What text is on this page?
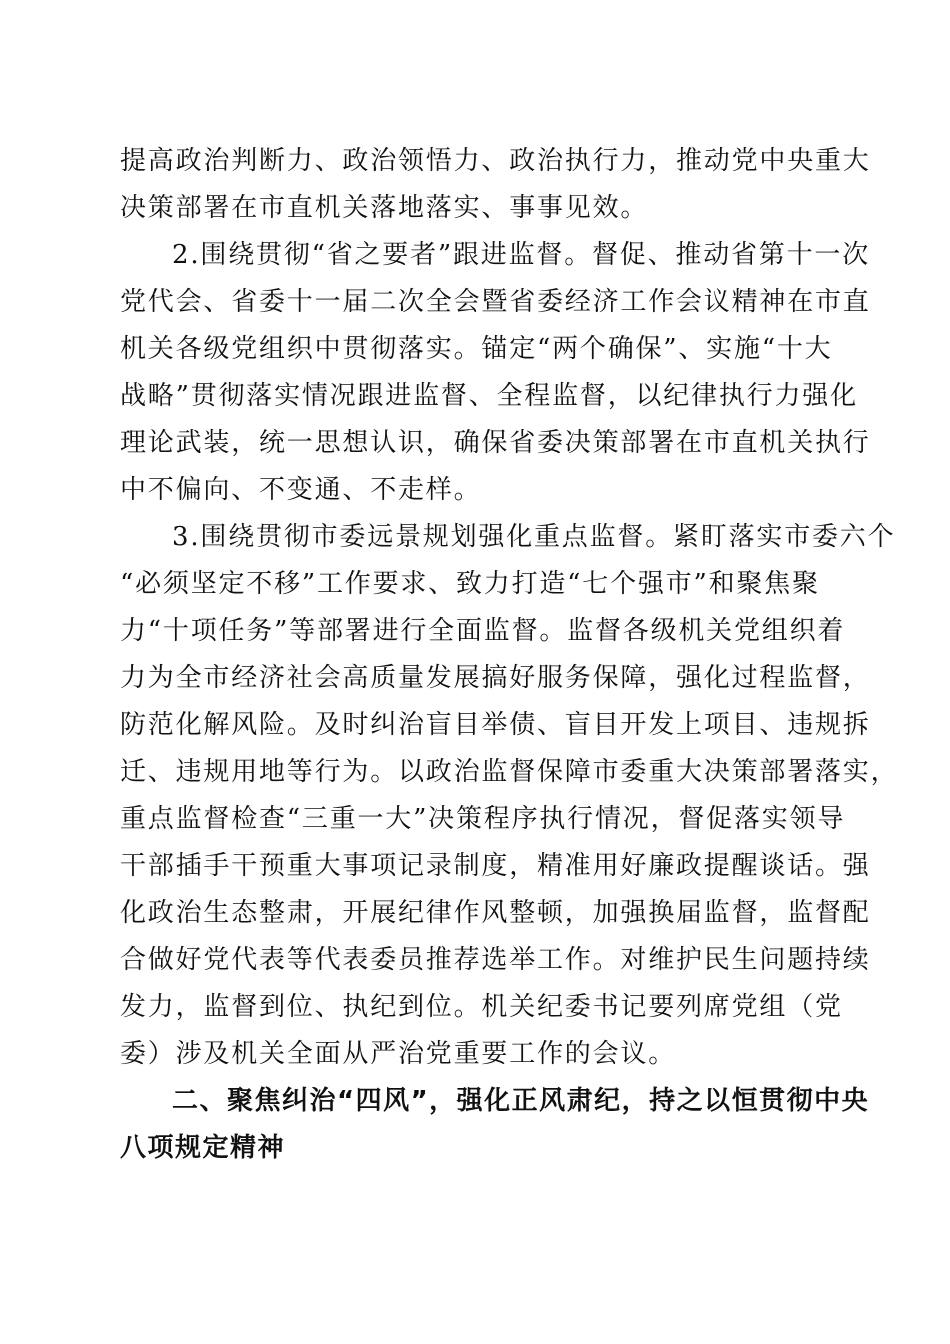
提高政治判断力、政治领悟力、政治执行力，推动党中央重大
决策部署在市直机关落地落实、事事见效。
2.围绕贯彻“省之要者”跟进监督。督促、推动省第十一次
党代会、省委十一届二次全会暨省委经济工作会议精神在市直
机关各级党组织中贯彻落实。锚定“两个确保”、实施“十大
战略”贯彻落实情况跟进监督、全程监督，以纪律执行力强化
理论武装，统一思想认识，确保省委决策部署在市直机关执行
中不偏向、不变通、不走样。
3.围绕贯彻市委远景规划强化重点监督。紧盯落实市委六个
“必须坚定不移”工作要求、致力打造“七个强市”和聚焦聚
力“十项任务”等部署进行全面监督。监督各级机关党组织着
力为全市经济社会高质量发展搞好服务保障，强化过程监督，
防范化解风险。及时纠治盲目举债、盲目开发上项目、违规拆
迁、违规用地等行为。以政治监督保障市委重大决策部署落实，
重点监督检查“三重一大”决策程序执行情况，督促落实领导
干部插手干预重大事项记录制度，精准用好廉政提醒谈话。强
化政治生态整肃，开展纪律作风整顿，加强换届监督，监督配
合做好党代表等代表委员推荐选举工作。对维护民生问题持续
发力，监督到位、执纪到位。机关纪委书记要列席党组（党
委）涉及机关全面从严治党重要工作的会议。
二、聚焦纠治“四风”，强化正风肃纪，持之以恒贯彻中央
八项规定精神
